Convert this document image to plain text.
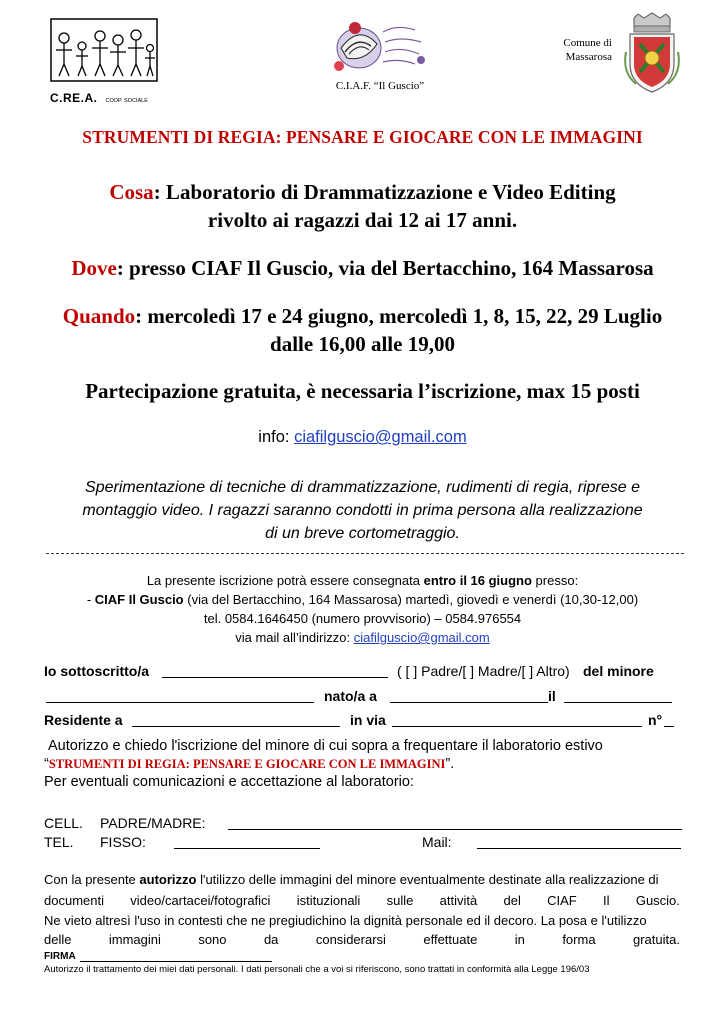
C.RE.A. COOP. SOCIALE
C.I.A.F. “Il Guscio”
Comune di
Massarosa
STRUMENTI DI REGIA: PENSARE E GIOCARE CON LE IMMAGINI
Cosa: Laboratorio di Drammatizzazione e Video Editing
rivolto ai ragazzi dai 12 ai 17 anni.
Dove: presso CIAF Il Guscio, via del Bertacchino, 164 Massarosa
Quando: mercoledì 17 e 24 giugno, mercoledì 1, 8, 15, 22, 29 Luglio
dalle 16,00 alle 19,00
Partecipazione gratuita, è necessaria l’iscrizione, max 15 posti
info: ciafilguscio@gmail.com
Sperimentazione di tecniche di drammatizzazione, rudimenti di regia, riprese e
montaggio video. I ragazzi saranno condotti in prima persona alla realizzazione
di un breve cortometraggio.
La presente iscrizione potrà essere consegnata entro il 16 giugno presso:
- CIAF Il Guscio (via del Bertacchino, 164 Massarosa) martedì, giovedì e venerdì (10,30-12,00)
tel. 0584.1646450 (numero provvisorio) – 0584.976554
via mail all’indirizzo: ciafilguscio@gmail.com
Io sottoscritto/a	( [ ] Padre/[ ] Madre/[ ] Altro) del minore
nato/a a	il
Residente a	in via	n°
Autorizzo e chiedo l'iscrizione del minore di cui sopra a frequentare il laboratorio estivo
“STRUMENTI DI REGIA: PENSARE E GIOCARE CON LE IMMAGINI”.
Per eventuali comunicazioni e accettazione al laboratorio:
CELL. PADRE/MADRE:
TEL. FISSO:	Mail:
Con la presente autorizzo l'utilizzo delle immagini del minore eventualmente destinate alla realizzazione di
documenti video/cartacei/fotografici istituzionali sulle attività del CIAF Il Guscio.
Ne vieto altresì l'uso in contesti che ne pregiudichino la dignità personale ed il decoro. La posa e l'utilizzo
delle	immagini	sono	da	considerarsi	effettuate	in	forma	gratuita.
FIRMA
Autorizzo il trattamento dei miei dati personali. I dati personali che a voi si riferiscono, sono trattati in conformità alla Legge 196/03
